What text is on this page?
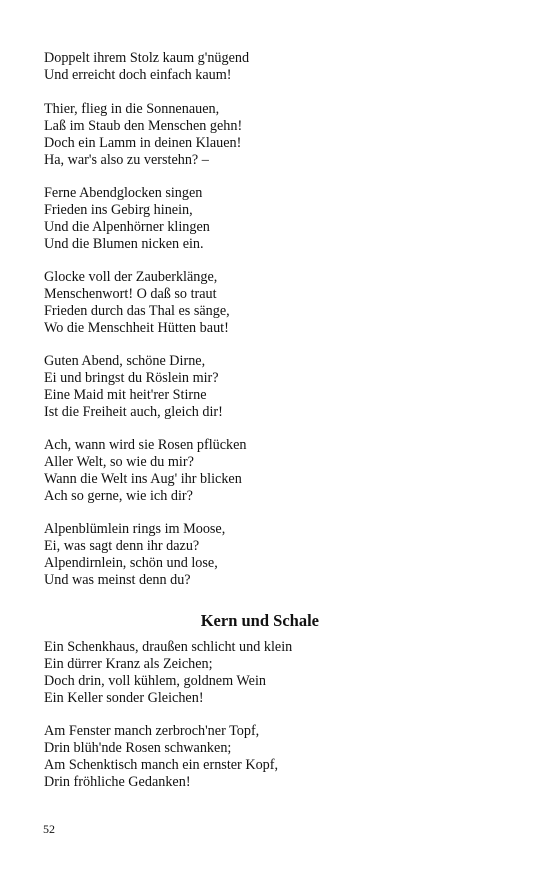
Doppelt ihrem Stolz kaum g'nügend
Und erreicht doch einfach kaum!
Thier, flieg in die Sonnenauen,
Laß im Staub den Menschen gehn!
Doch ein Lamm in deinen Klauen!
Ha, war's also zu verstehn? –
Ferne Abendglocken singen
Frieden ins Gebirg hinein,
Und die Alpenhörner klingen
Und die Blumen nicken ein.
Glocke voll der Zauberklänge,
Menschenwort! O daß so traut
Frieden durch das Thal es sänge,
Wo die Menschheit Hütten baut!
Guten Abend, schöne Dirne,
Ei und bringst du Röslein mir?
Eine Maid mit heit'rer Stirne
Ist die Freiheit auch, gleich dir!
Ach, wann wird sie Rosen pflücken
Aller Welt, so wie du mir?
Wann die Welt ins Aug' ihr blicken
Ach so gerne, wie ich dir?
Alpenblümlein rings im Moose,
Ei, was sagt denn ihr dazu?
Alpendirnlein, schön und lose,
Und was meinst denn du?
Kern und Schale
Ein Schenkhaus, draußen schlicht und klein
Ein dürrer Kranz als Zeichen;
Doch drin, voll kühlem, goldnem Wein
Ein Keller sonder Gleichen!
Am Fenster manch zerbroch'ner Topf,
Drin blüh'nde Rosen schwanken;
Am Schenktisch manch ein ernster Kopf,
Drin fröhliche Gedanken!
52
